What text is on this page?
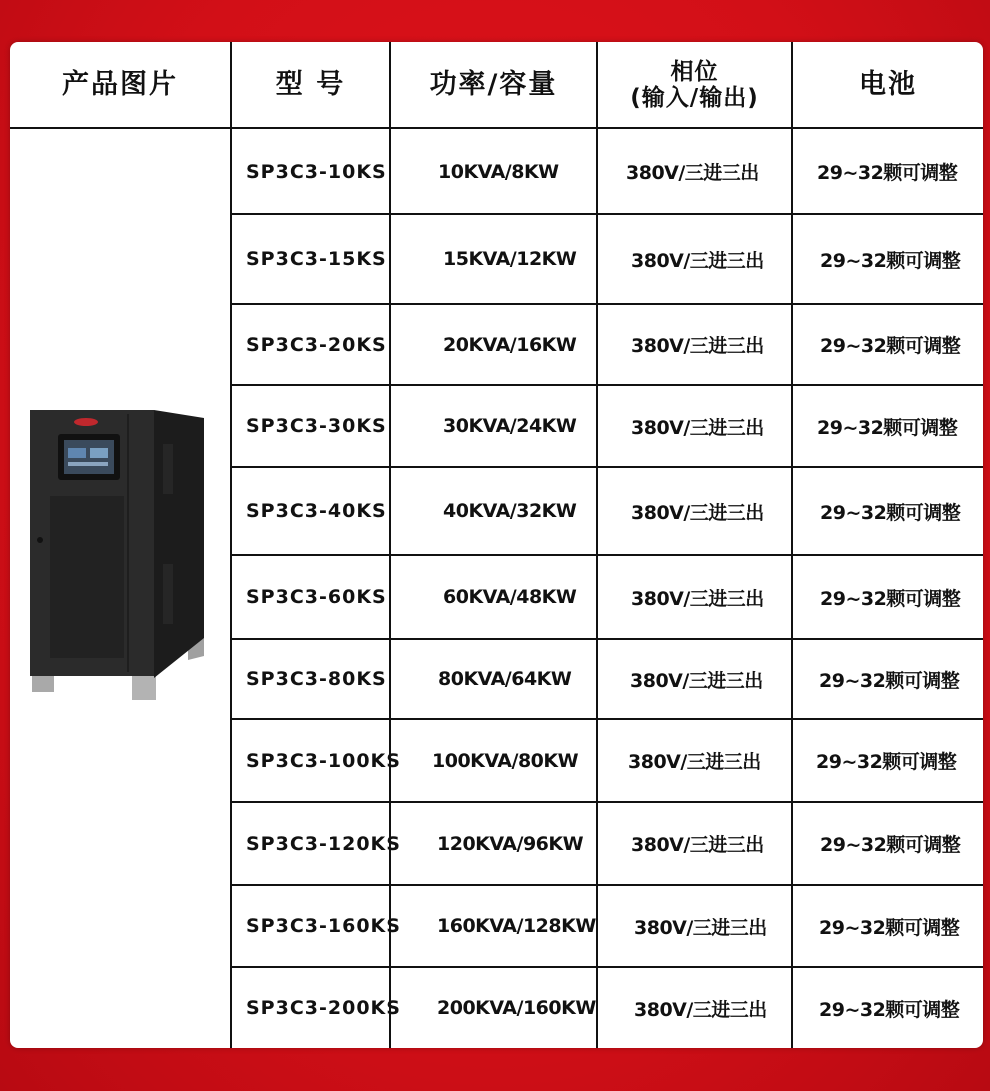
产品图片	型 号	功率/容量	相位
(输入/输出)	电池
SP3C3-10KS	10KVA/8KW	380V/三进三出	29~32颗可调整
SP3C3-15KS	15KVA/12KW	380V/三进三出	29~32颗可调整
SP3C3-20KS	20KVA/16KW	380V/三进三出	29~32颗可调整
SP3C3-30KS	30KVA/24KW	380V/三进三出	29~32颗可调整
SP3C3-40KS	40KVA/32KW	380V/三进三出	29~32颗可调整
SP3C3-60KS	60KVA/48KW	380V/三进三出	29~32颗可调整
SP3C3-80KS	80KVA/64KW	380V/三进三出	29~32颗可调整
SP3C3-100KS 100KVA/80KW	380V/三进三出	29~32颗可调整
SP3C3-120KS 120KVA/96KW	380V/三进三出	29~32颗可调整
SP3C3-160KS 160KVA/128KW 380V/三进三出	29~32颗可调整
SP3C3-200KS 200KVA/160KW 380V/三进三出	29~32颗可调整
